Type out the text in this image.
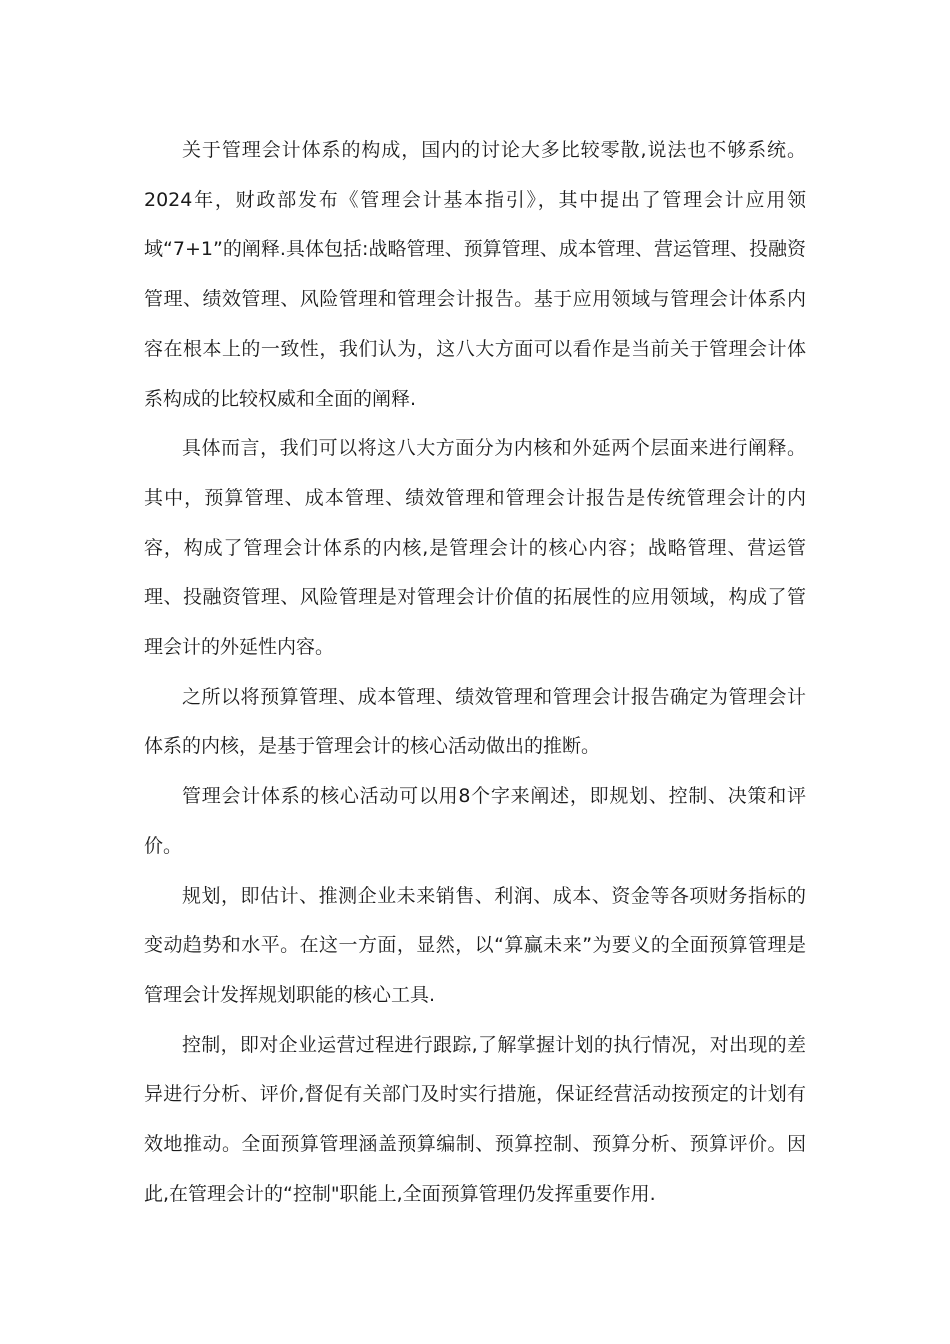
关于管理会计体系的构成，国内的讨论大多比较零散,说法也不够系统。2024年，财政部发布《管理会计基本指引》，其中提出了管理会计应用领域“7+1”的阐释.具体包括:战略管理、预算管理、成本管理、营运管理、投融资管理、绩效管理、风险管理和管理会计报告。基于应用领域与管理会计体系内容在根本上的一致性，我们认为，这八大方面可以看作是当前关于管理会计体系构成的比较权威和全面的阐释.

具体而言，我们可以将这八大方面分为内核和外延两个层面来进行阐释。其中，预算管理、成本管理、绩效管理和管理会计报告是传统管理会计的内容，构成了管理会计体系的内核,是管理会计的核心内容；战略管理、营运管理、投融资管理、风险管理是对管理会计价值的拓展性的应用领域，构成了管理会计的外延性内容。

之所以将预算管理、成本管理、绩效管理和管理会计报告确定为管理会计体系的内核，是基于管理会计的核心活动做出的推断。

管理会计体系的核心活动可以用8个字来阐述，即规划、控制、决策和评价。

规划，即估计、推测企业未来销售、利润、成本、资金等各项财务指标的变动趋势和水平。在这一方面，显然，以“算赢未来”为要义的全面预算管理是管理会计发挥规划职能的核心工具.

控制，即对企业运营过程进行跟踪,了解掌握计划的执行情况，对出现的差异进行分析、评价,督促有关部门及时实行措施，保证经营活动按预定的计划有效地推动。全面预算管理涵盖预算编制、预算控制、预算分析、预算评价。因此,在管理会计的“控制"职能上,全面预算管理仍发挥重要作用.
